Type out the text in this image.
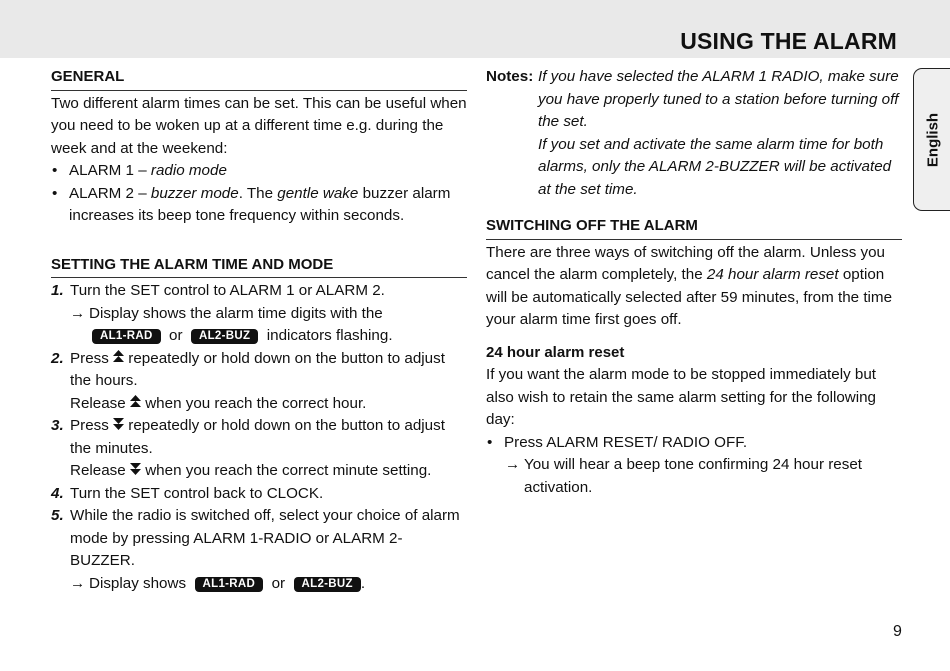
USING THE ALARM
English
GENERAL

Two different alarm times can be set. This can be useful when you need to be woken up at a different time e.g. during the week and at the weekend:

• ALARM 1 – radio mode
• ALARM 2 – buzzer mode. The gentle wake buzzer alarm increases its beep tone frequency within seconds.
SETTING THE ALARM TIME AND MODE
1. Turn the SET control to ALARM 1 or ALARM 2.
→ Display shows the alarm time digits with the
AL1-RAD or AL2-BUZ indicators flashing.
2. Press repeatedly or hold down on the button to adjust the hours.
Release when you reach the correct hour.
3. Press repeatedly or hold down on the button to adjust the minutes.
Release when you reach the correct minute setting.
4. Turn the SET control back to CLOCK.
5. While the radio is switched off, select your choice of alarm mode by pressing ALARM 1-RADIO or ALARM 2-BUZZER.
→ Display shows AL1-RAD or AL2-BUZ .
Notes: If you have selected the ALARM 1 RADIO, make sure you have properly tuned to a station before turning off the set.

If you set and activate the same alarm time for both alarms, only the ALARM 2-BUZZER will be activated at the set time.

SWITCHING OFF THE ALARM

There are three ways of switching off the alarm. Unless you cancel the alarm completely, the 24 hour alarm reset option will be automatically selected after 59 minutes, from the time your alarm time first goes off.

24 hour alarm reset

If you want the alarm mode to be stopped immediately but also wish to retain the same alarm setting for the following day:

• Press ALARM RESET/ RADIO OFF.
→ You will hear a beep tone confirming 24 hour reset activation.
9
